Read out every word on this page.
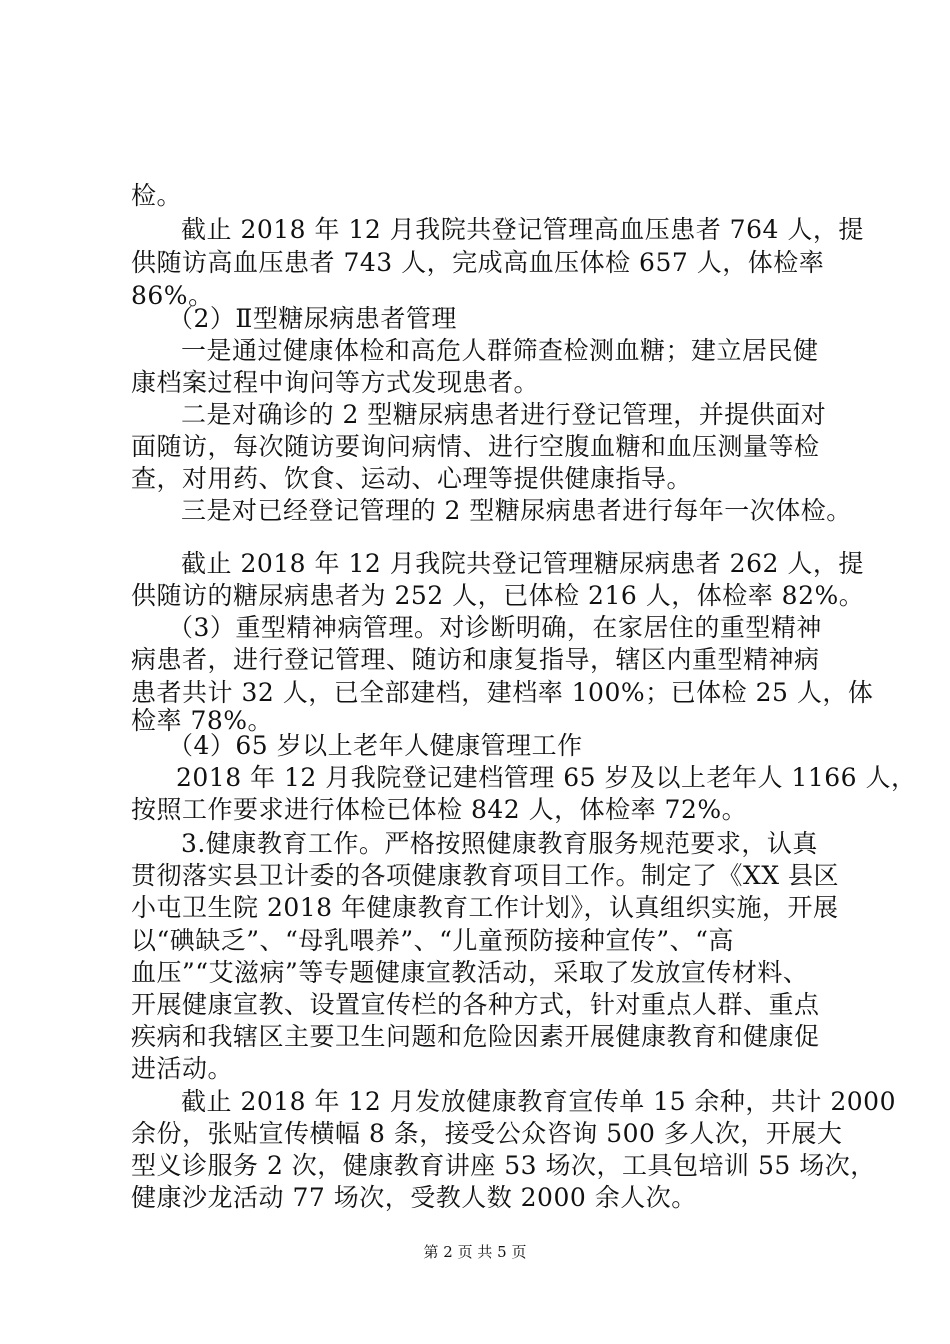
检。
截止 2018 年 12 月我院共登记管理高血压患者 764 人，提
供随访高血压患者 743 人，完成高血压体检 657 人，体检率
86%。
（2）Ⅱ型糖尿病患者管理
一是通过健康体检和高危人群筛查检测血糖；建立居民健
康档案过程中询问等方式发现患者。
二是对确诊的 2 型糖尿病患者进行登记管理，并提供面对
面随访，每次随访要询问病情、进行空腹血糖和血压测量等检
查，对用药、饮食、运动、心理等提供健康指导。
三是对已经登记管理的 2 型糖尿病患者进行每年一次体检。
截止 2018 年 12 月我院共登记管理糖尿病患者 262 人，提
供随访的糖尿病患者为 252 人，已体检 216 人，体检率 82%。
（3）重型精神病管理。对诊断明确，在家居住的重型精神
病患者，进行登记管理、随访和康复指导，辖区内重型精神病
患者共计 32 人，已全部建档，建档率 100%；已体检 25 人，体
检率 78%。
（4）65 岁以上老年人健康管理工作
2018 年 12 月我院登记建档管理 65 岁及以上老年人 1166 人，
按照工作要求进行体检已体检 842 人，体检率 72%。
3.健康教育工作。严格按照健康教育服务规范要求，认真
贯彻落实县卫计委的各项健康教育项目工作。制定了《XX 县区
小屯卫生院 2018 年健康教育工作计划》，认真组织实施，开展
以“碘缺乏”、“母乳喂养”、“儿童预防接种宣传”、“高
血压”“艾滋病”等专题健康宣教活动，采取了发放宣传材料、
开展健康宣教、设置宣传栏的各种方式，针对重点人群、重点
疾病和我辖区主要卫生问题和危险因素开展健康教育和健康促
进活动。
截止 2018 年 12 月发放健康教育宣传单 15 余种，共计 2000
余份，张贴宣传横幅 8 条，接受公众咨询 500 多人次，开展大
型义诊服务 2 次，健康教育讲座 53 场次，工具包培训 55 场次，
健康沙龙活动 77 场次，受教人数 2000 余人次。
第 2 页 共 5 页
